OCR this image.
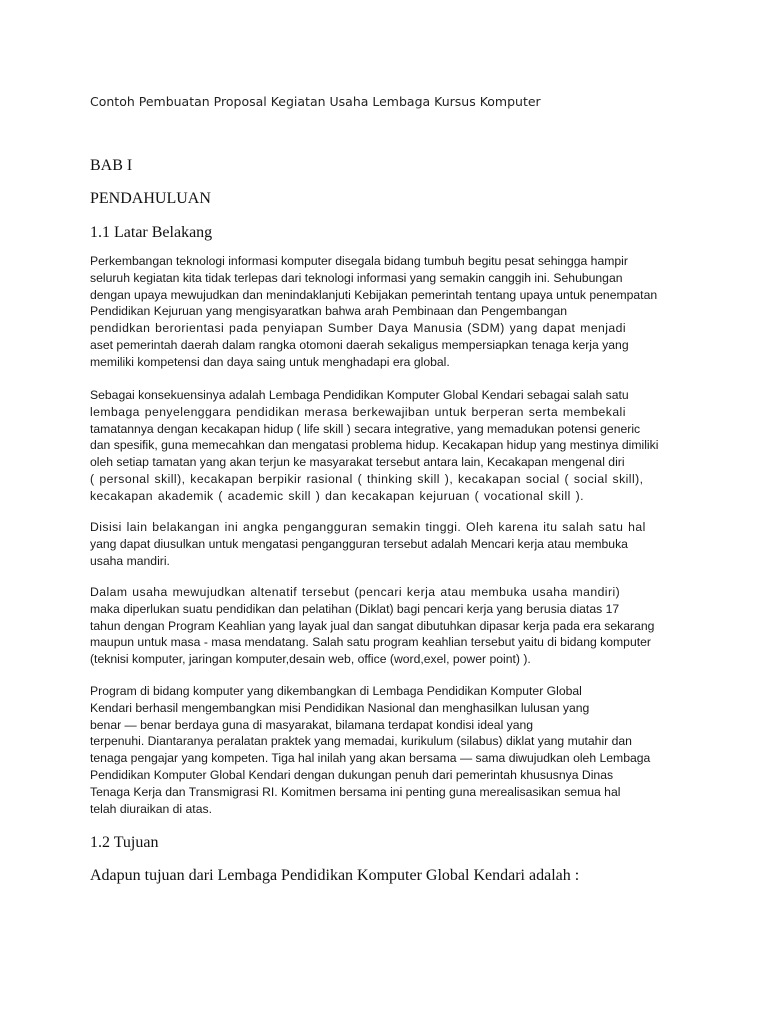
Contoh Pembuatan Proposal Kegiatan Usaha Lembaga Kursus Komputer
BAB I
PENDAHULUAN
1.1 Latar Belakang
Perkembangan teknologi informasi komputer disegala bidang tumbuh begitu pesat sehingga hampir
seluruh kegiatan kita tidak terlepas dari teknologi informasi yang semakin canggih ini. Sehubungan
dengan upaya mewujudkan dan menindaklanjuti Kebijakan pemerintah tentang upaya untuk penempatan
Pendidikan Kejuruan yang mengisyaratkan bahwa arah Pembinaan dan Pengembangan
pendidkan berorientasi pada penyiapan Sumber Daya Manusia (SDM) yang dapat menjadi
aset pemerintah daerah dalam rangka otomoni daerah sekaligus mempersiapkan tenaga kerja yang
memiliki kompetensi dan daya saing untuk menghadapi era global.
Sebagai konsekuensinya adalah Lembaga Pendidikan Komputer Global Kendari sebagai salah satu
lembaga penyelenggara pendidikan merasa berkewajiban untuk berperan serta membekali
tamatannya dengan kecakapan hidup ( life skill ) secara integrative, yang memadukan potensi generic
dan spesifik, guna memecahkan dan mengatasi problema hidup. Kecakapan hidup yang mestinya dimiliki
oleh setiap tamatan yang akan terjun ke masyarakat tersebut antara lain, Kecakapan mengenal diri
( personal skill), kecakapan berpikir rasional ( thinking skill ), kecakapan social ( social skill),
kecakapan akademik ( academic skill ) dan kecakapan kejuruan ( vocational skill ).
Disisi lain belakangan ini angka pengangguran semakin tinggi. Oleh karena itu salah satu hal
yang dapat diusulkan untuk mengatasi pengangguran tersebut adalah Mencari kerja atau membuka
usaha mandiri.
Dalam usaha mewujudkan altenatif tersebut (pencari kerja atau membuka usaha mandiri)
maka diperlukan suatu pendidikan dan pelatihan (Diklat) bagi pencari kerja yang berusia diatas 17
tahun dengan Program Keahlian yang layak jual dan sangat dibutuhkan dipasar kerja pada era sekarang
maupun untuk masa - masa mendatang. Salah satu program keahlian tersebut yaitu di bidang komputer
(teknisi komputer, jaringan komputer,desain web, office (word,exel, power point) ).
Program di bidang komputer yang dikembangkan di Lembaga Pendidikan Komputer Global
Kendari berhasil mengembangkan misi Pendidikan Nasional dan menghasilkan lulusan yang
benar — benar berdaya guna di masyarakat, bilamana terdapat kondisi ideal yang
terpenuhi. Diantaranya peralatan praktek yang memadai, kurikulum (silabus) diklat yang mutahir dan
tenaga pengajar yang kompeten. Tiga hal inilah yang akan bersama — sama diwujudkan oleh Lembaga
Pendidikan Komputer Global Kendari dengan dukungan penuh dari pemerintah khususnya Dinas
Tenaga Kerja dan Transmigrasi RI. Komitmen bersama ini penting guna merealisasikan semua hal
telah diuraikan di atas.
1.2 Tujuan
Adapun tujuan dari Lembaga Pendidikan Komputer Global Kendari adalah :
